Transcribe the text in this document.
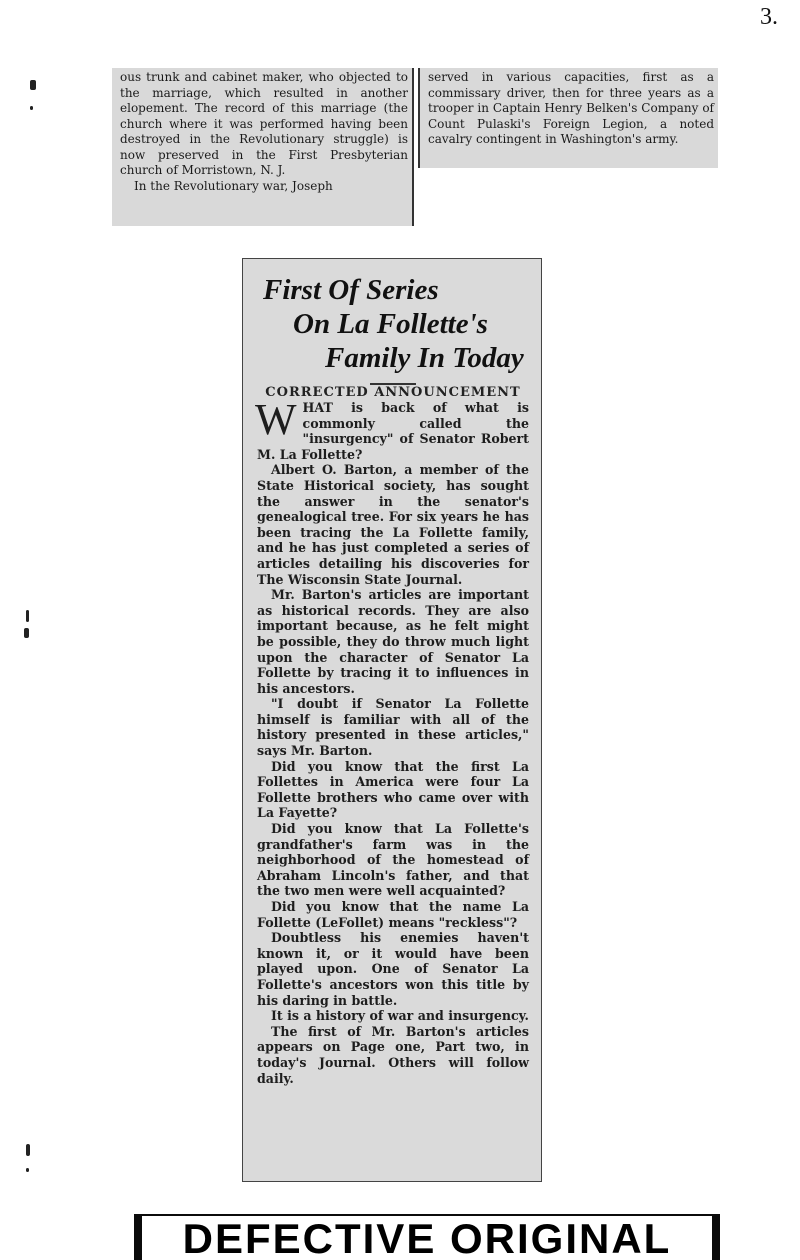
3.

ous trunk and cabinet maker, who objected to the marriage, which resulted in another elopement. The record of this marriage (the church where it was performed having been destroyed in the Revolutionary struggle) is now preserved in the First Presbyterian church of Morristown, N. J.

In the Revolutionary war, Joseph

served in various capacities, first as a commissary driver, then for three years as a trooper in Captain Henry Belken's Company of Count Pulaski's Foreign Legion, a noted cavalry contingent in Washington's army.

First Of Series
On La Follette's
Family In Today

CORRECTED ANNOUNCEMENT

WHAT is back of what is commonly called the "insurgency" of Senator Robert M. La Follette?

Albert O. Barton, a member of the State Historical society, has sought the answer in the senator's genealogical tree. For six years he has been tracing the La Follette family, and he has just completed a series of articles detailing his discoveries for The Wisconsin State Journal.

Mr. Barton's articles are important as historical records. They are also important because, as he felt might be possible, they do throw much light upon the character of Senator La Follette by tracing it to influences in his ancestors.

"I doubt if Senator La Follette himself is familiar with all of the history presented in these articles," says Mr. Barton.

Did you know that the first La Follettes in America were four La Follette brothers who came over with La Fayette?

Did you know that La Follette's grandfather's farm was in the neighborhood of the homestead of Abraham Lincoln's father, and that the two men were well acquainted?

Did you know that the name La Follette (LeFollet) means "reckless"?

Doubtless his enemies haven't known it, or it would have been played upon. One of Senator La Follette's ancestors won this title by his daring in battle.

It is a history of war and insurgency.

The first of Mr. Barton's articles appears on Page one, Part two, in today's Journal. Others will follow daily.

DEFECTIVE ORIGINAL
